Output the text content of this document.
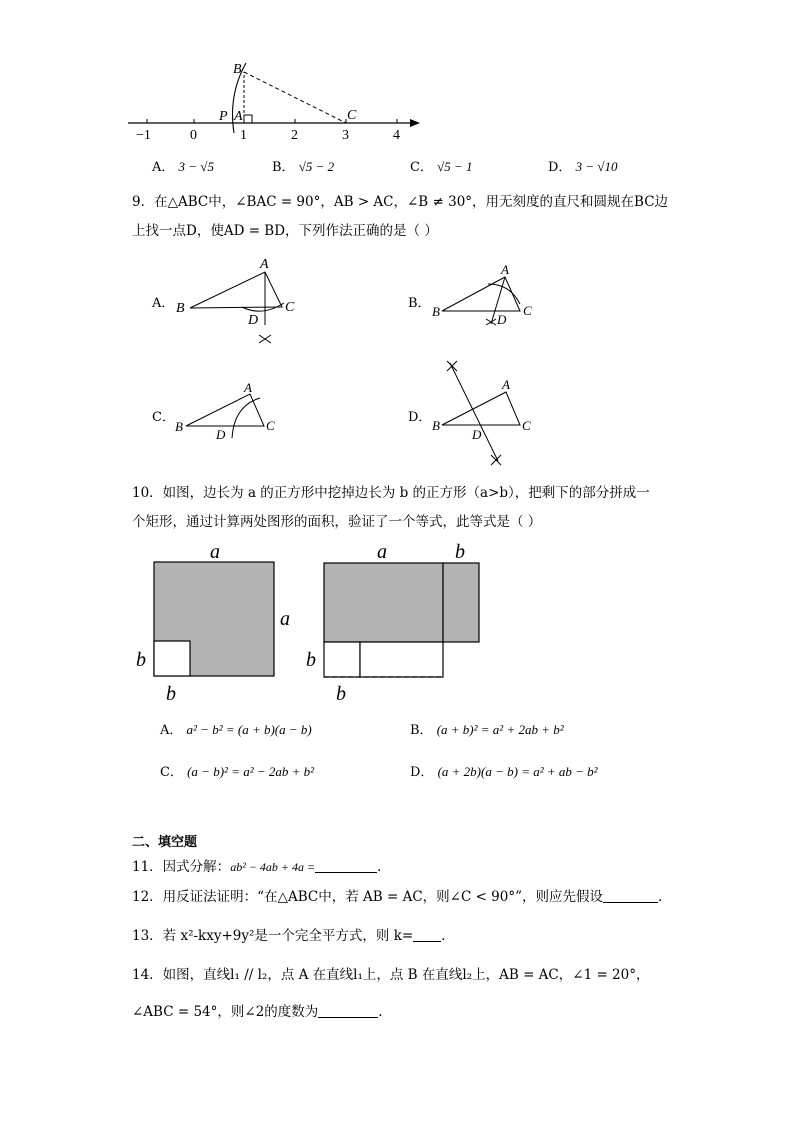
−1	0	1	2	3	4
B
P A	C
A． 3 − √5	B． √5 − 2	C． √5 − 1	D． 3 − √10
9．在△ABC中，∠BAC = 90°，AB > AC，∠B ≠ 30°，用无刻度的直尺和圆规在BC边
上找一点D，使AD = BD，下列作法正确的是（ ）
A．
A
B	C
D
B．
A
B	C
D
C．
A
B	C
D
D．
A
B	C
D
10．如图，边长为 a 的正方形中挖掉边长为 b 的正方形（a>b），把剩下的部分拼成一
个矩形，通过计算两处图形的面积，验证了一个等式，此等式是（ ）
a
a
b
b
a	b
b
b
A． a² − b² = (a + b)(a − b)	B． (a + b)² = a² + 2ab + b²
C． (a − b)² = a² − 2ab + b²	D． (a + 2b)(a − b) = a² + ab − b²
二、填空题
11．因式分解：ab² − 4ab + 4a =	．
12．用反证法证明：“在△ABC中，若 AB = AC，则∠C < 90°”，则应先假设	.
13．若 x²-kxy+9y²是一个完全平方式，则 k= ．
14．如图，直线l₁ // l₂，点 A 在直线l₁上，点 B 在直线l₂上，AB = AC，∠1 = 20°，
∠ABC = 54°，则∠2的度数为	.
